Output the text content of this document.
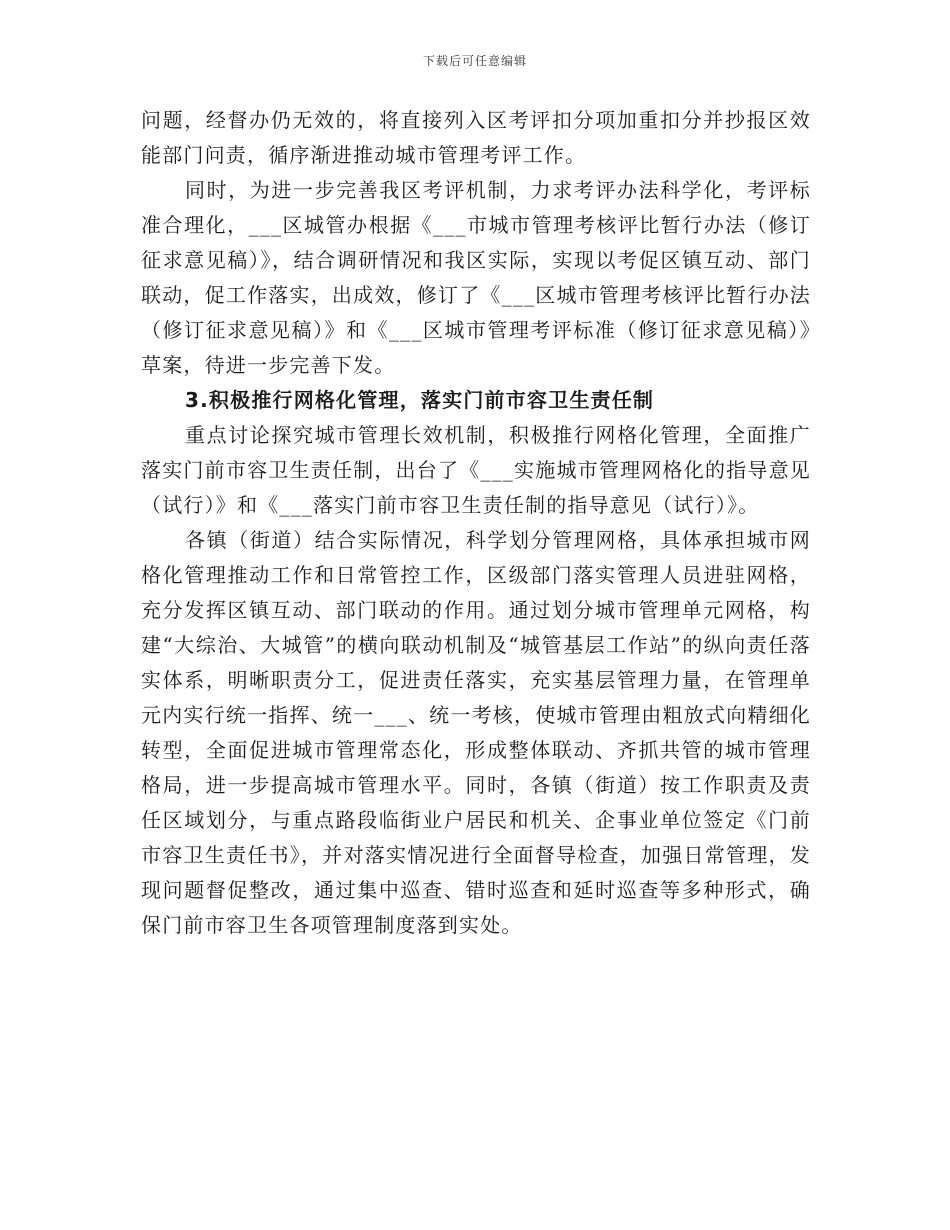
下载后可任意编辑

问题，经督办仍无效的，将直接列入区考评扣分项加重扣分并抄报区效能部门问责，循序渐进推动城市管理考评工作。

同时，为进一步完善我区考评机制，力求考评办法科学化，考评标准合理化，___区城管办根据《___市城市管理考核评比暂行办法（修订征求意见稿）》，结合调研情况和我区实际，实现以考促区镇互动、部门联动，促工作落实，出成效，修订了《___区城市管理考核评比暂行办法（修订征求意见稿）》和《___区城市管理考评标准（修订征求意见稿）》草案，待进一步完善下发。

3.积极推行网格化管理，落实门前市容卫生责任制

重点讨论探究城市管理长效机制，积极推行网格化管理，全面推广落实门前市容卫生责任制，出台了《___实施城市管理网格化的指导意见（试行）》和《___落实门前市容卫生责任制的指导意见（试行）》。

各镇（街道）结合实际情况，科学划分管理网格，具体承担城市网格化管理推动工作和日常管控工作，区级部门落实管理人员进驻网格，充分发挥区镇互动、部门联动的作用。通过划分城市管理单元网格，构建“大综治、大城管”的横向联动机制及“城管基层工作站”的纵向责任落实体系，明晰职责分工，促进责任落实，充实基层管理力量，在管理单元内实行统一指挥、统一___、统一考核，使城市管理由粗放式向精细化转型，全面促进城市管理常态化，形成整体联动、齐抓共管的城市管理格局，进一步提高城市管理水平。同时，各镇（街道）按工作职责及责任区域划分，与重点路段临街业户居民和机关、企事业单位签定《门前市容卫生责任书》，并对落实情况进行全面督导检查，加强日常管理，发现问题督促整改，通过集中巡查、错时巡查和延时巡查等多种形式，确保门前市容卫生各项管理制度落到实处。
